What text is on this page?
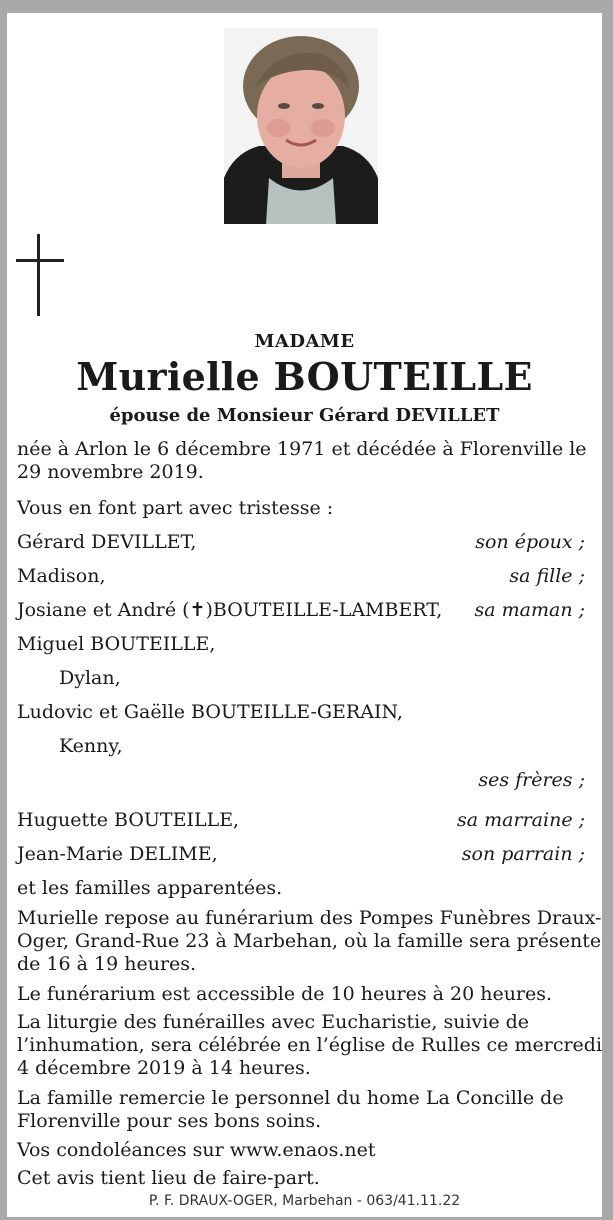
MADAME
Murielle BOUTEILLE
épouse de Monsieur Gérard DEVILLET
née à Arlon le 6 décembre 1971 et décédée à Florenville le
29 novembre 2019.
Vous en font part avec tristesse :
Gérard DEVILLET,	son époux ;
Madison,	sa fille ;
Josiane et André (✝)BOUTEILLE-LAMBERT, sa maman ;
Miguel BOUTEILLE,
Dylan,
Ludovic et Gaëlle BOUTEILLE-GERAIN,
Kenny,
ses frères ;
Huguette BOUTEILLE,	sa marraine ;
Jean-Marie DELIME,	son parrain ;
et les familles apparentées.
Murielle repose au funérarium des Pompes Funèbres Draux-
Oger, Grand-Rue 23 à Marbehan, où la famille sera présente
de 16 à 19 heures.
Le funérarium est accessible de 10 heures à 20 heures.
La liturgie des funérailles avec Eucharistie, suivie de
l’inhumation, sera célébrée en l’église de Rulles ce mercredi
4 décembre 2019 à 14 heures.
La famille remercie le personnel du home La Concille de
Florenville pour ses bons soins.
Vos condoléances sur www.enaos.net
Cet avis tient lieu de faire-part.
P. F. DRAUX-OGER, Marbehan - 063/41.11.22
